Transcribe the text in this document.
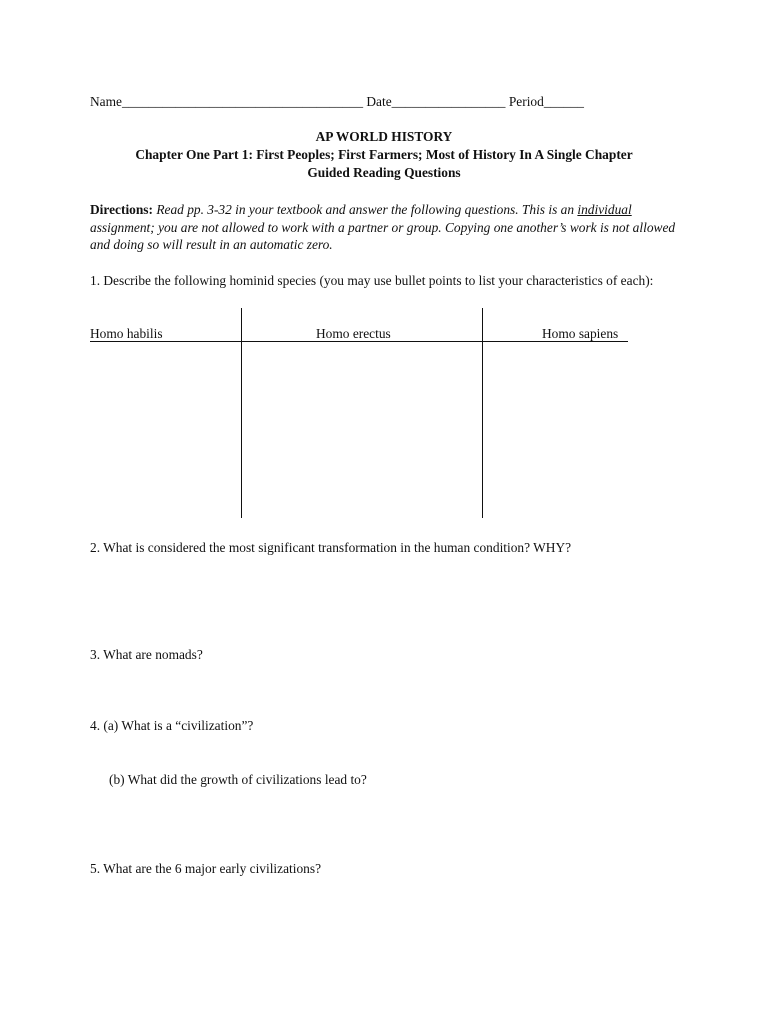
Name____________________________________ Date_________________ Period______
AP WORLD HISTORY
Chapter One Part 1: First Peoples; First Farmers; Most of History In A Single Chapter
Guided Reading Questions
Directions: Read pp. 3-32 in your textbook and answer the following questions. This is an individual assignment; you are not allowed to work with a partner or group. Copying one another’s work is not allowed and doing so will result in an automatic zero.
1. Describe the following hominid species (you may use bullet points to list your characteristics of each):
Homo habilis	Homo erectus	Homo sapiens
2. What is considered the most significant transformation in the human condition? WHY?
3. What are nomads?
4. (a) What is a “civilization”?
(b) What did the growth of civilizations lead to?
5. What are the 6 major early civilizations?
